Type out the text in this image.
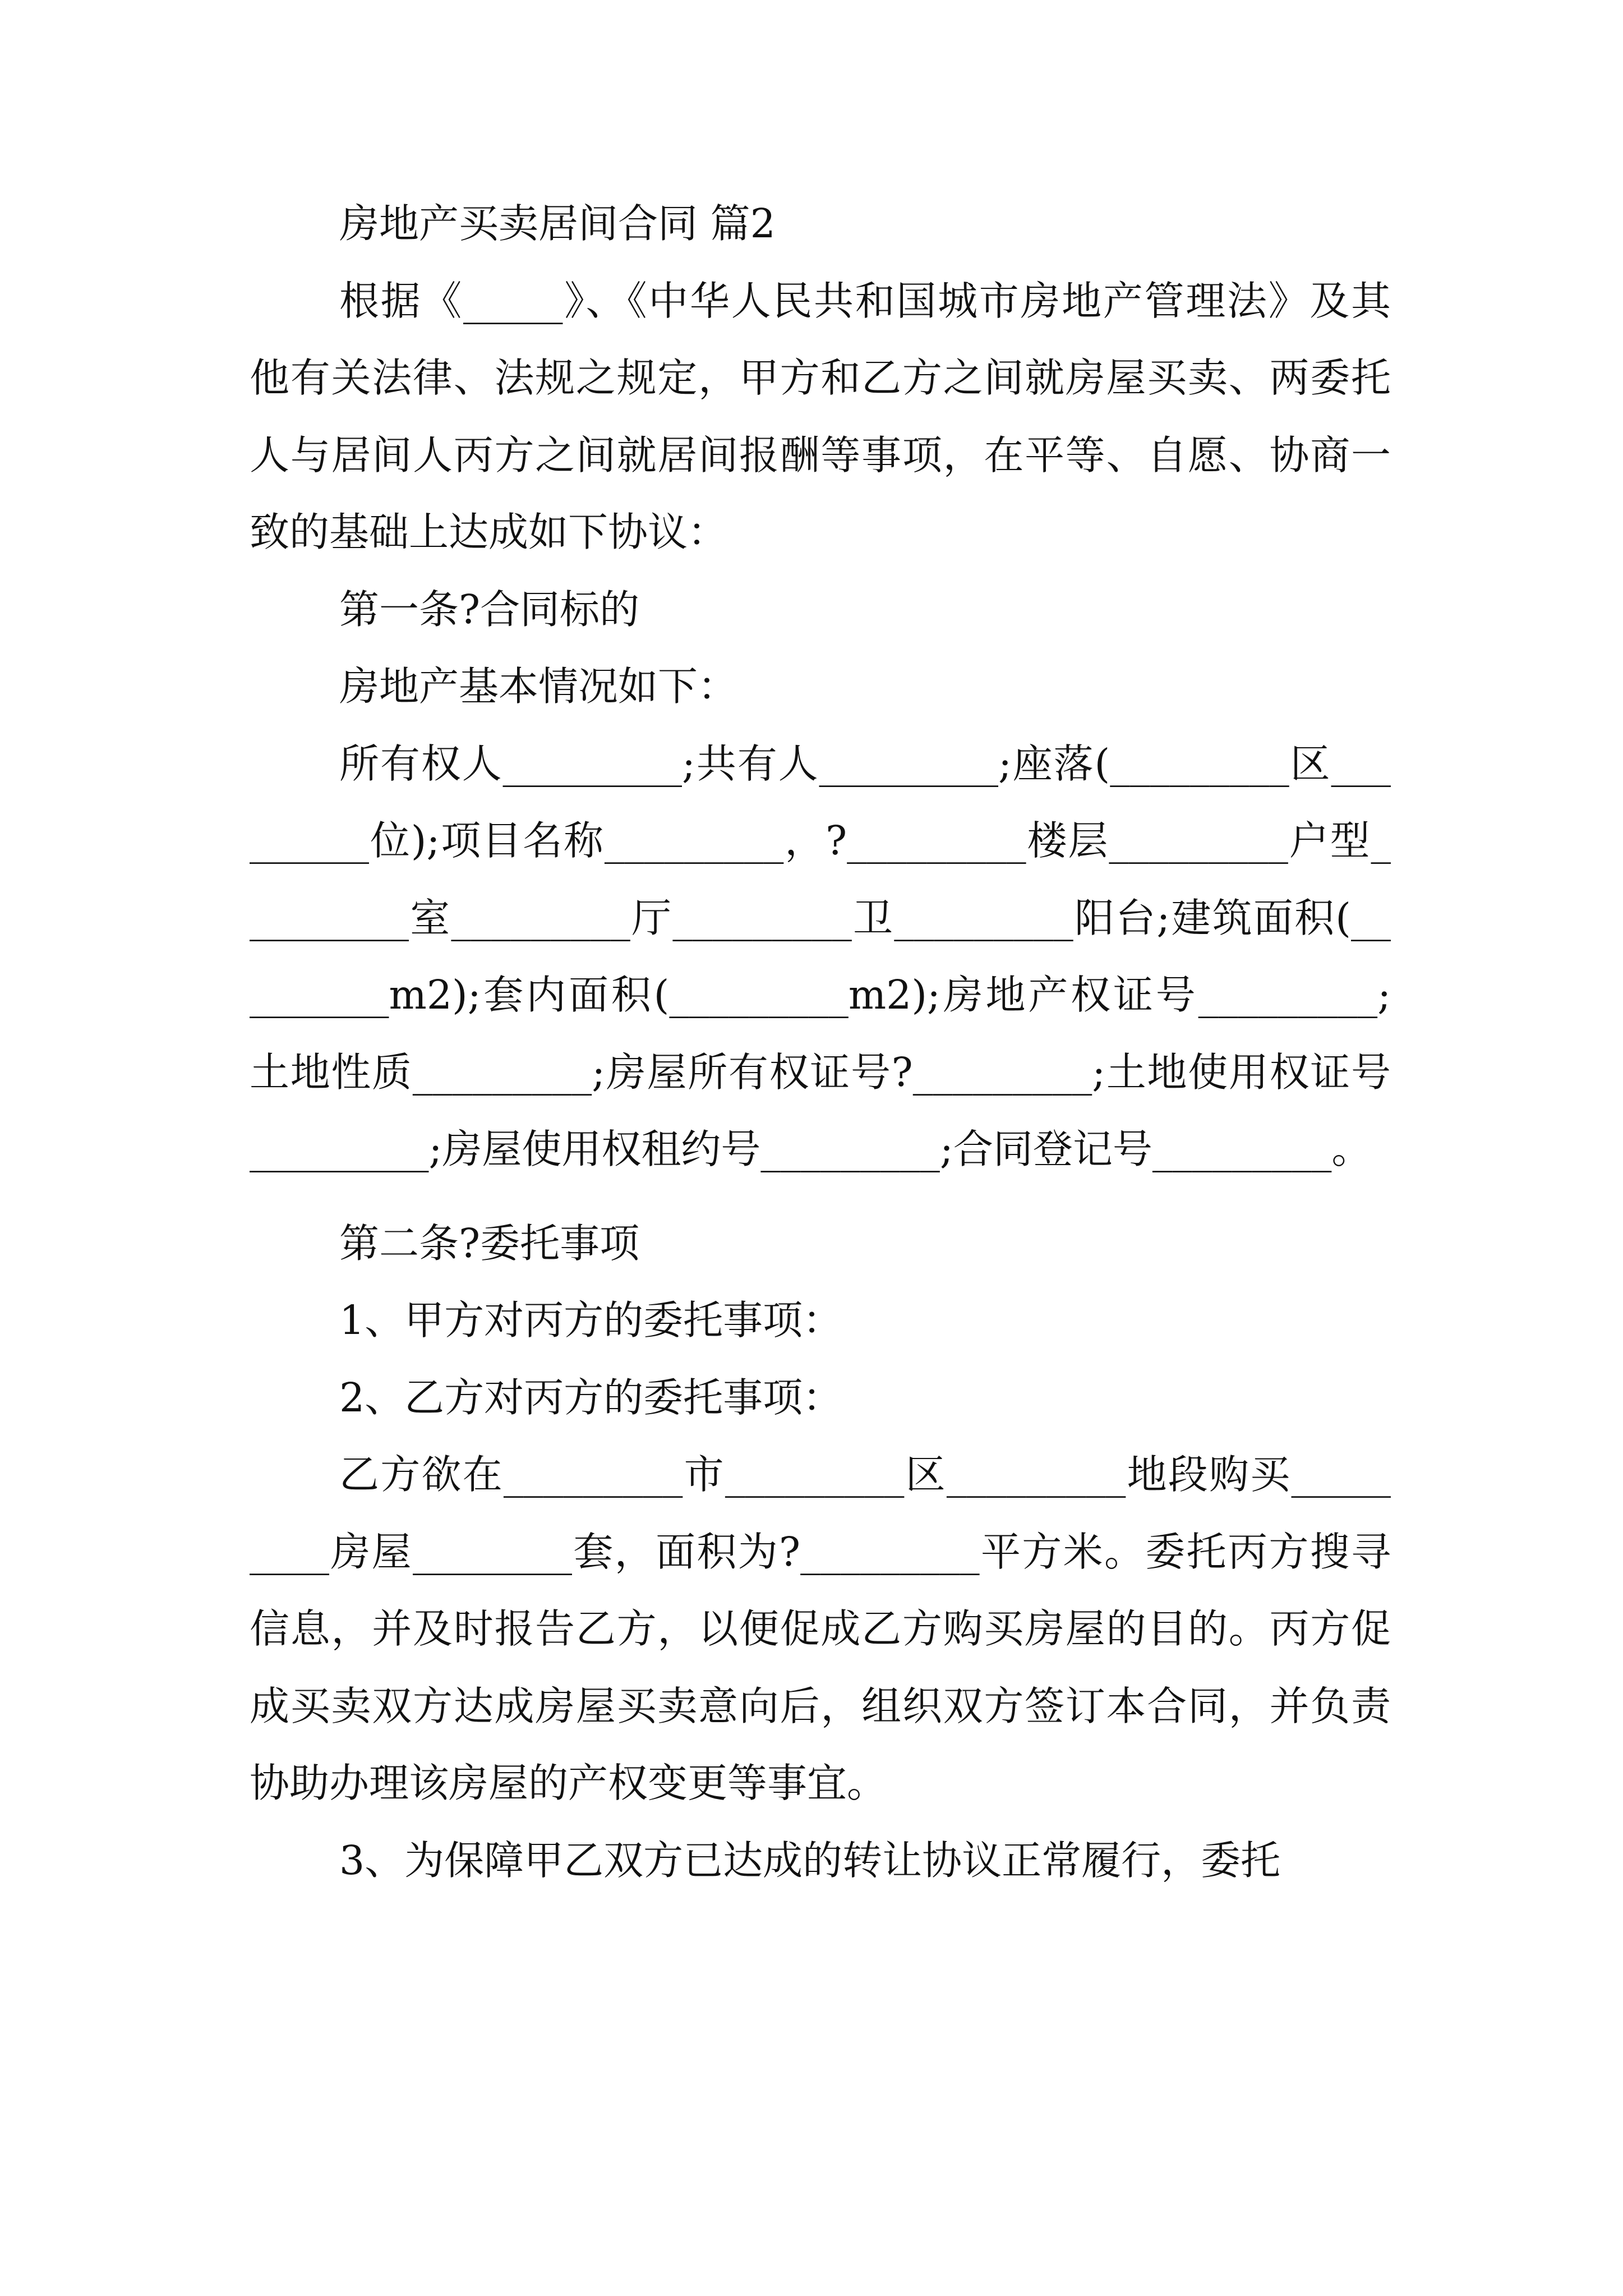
房地产买卖居间合同 篇2

根据《_____》、《中华人民共和国城市房地产管理法》及其他有关法律、法规之规定，甲方和乙方之间就房屋买卖、两委托人与居间人丙方之间就居间报酬等事项，在平等、自愿、协商一致的基础上达成如下协议：

第一条?合同标的

房地产基本情况如下：

所有权人_________;共有人_________;座落(_________区_________位);项目名称_________，?_________楼层_________户型_________室_________厅_________卫_________阳台;建筑面积(_________m2);套内面积(_________m2);房地产权证号_________;土地性质_________;房屋所有权证号?_________;土地使用权证号_________;房屋使用权租约号_________;合同登记号_________。

第二条?委托事项

1、甲方对丙方的委托事项：

2、乙方对丙方的委托事项：

乙方欲在_________市_________区_________地段购买_________房屋________套，面积为?_________平方米。委托丙方搜寻信息，并及时报告乙方，以便促成乙方购买房屋的目的。丙方促成买卖双方达成房屋买卖意向后，组织双方签订本合同，并负责协助办理该房屋的产权变更等事宜。

3、为保障甲乙双方已达成的转让协议正常履行，委托
